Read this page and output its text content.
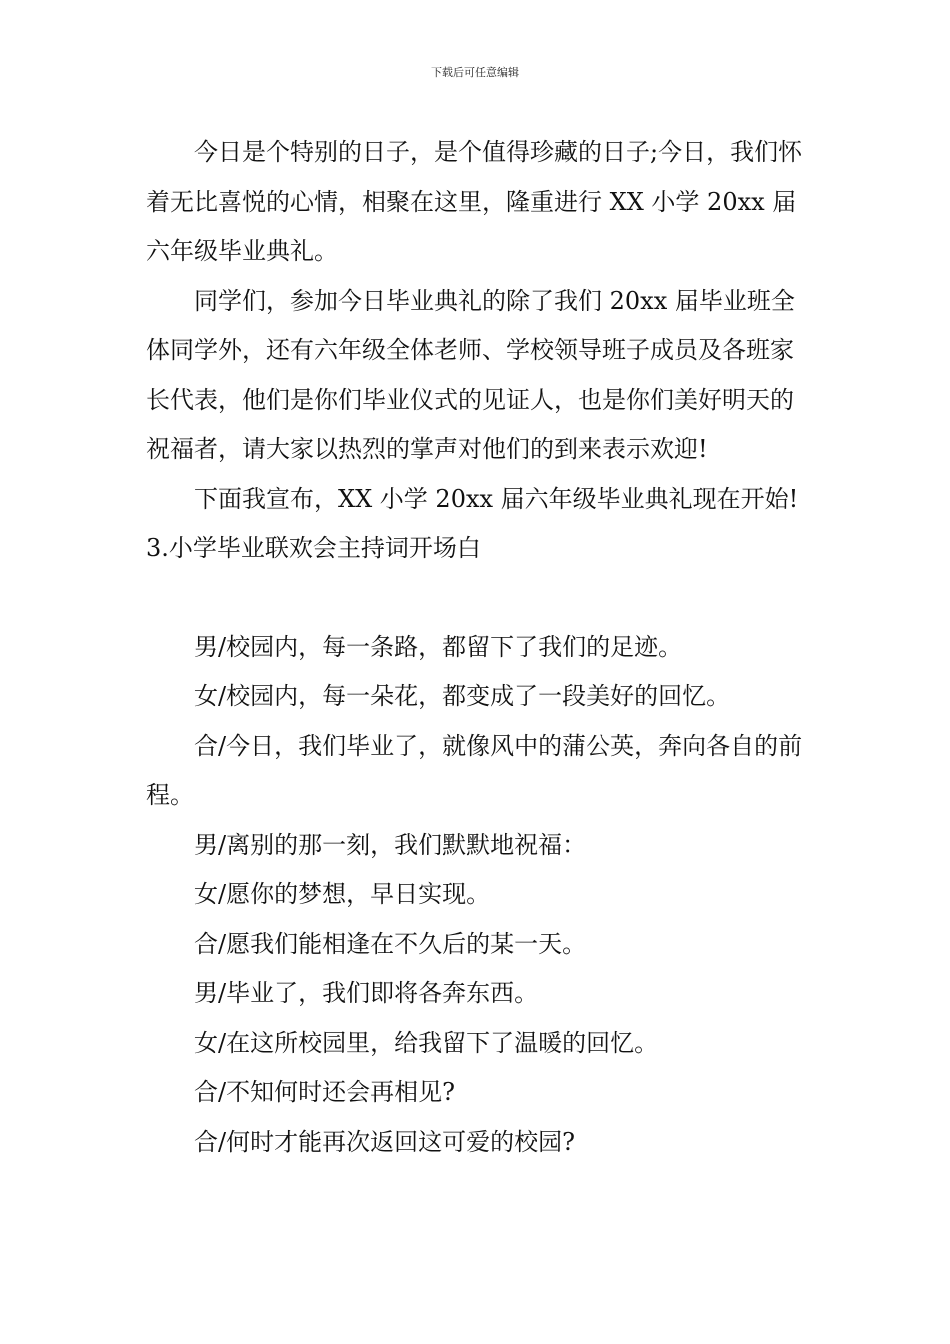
下载后可任意编辑

今日是个特别的日子，是个值得珍藏的日子;今日，我们怀着无比喜悦的心情，相聚在这里，隆重进行 XX 小学 20xx 届六年级毕业典礼。

同学们，参加今日毕业典礼的除了我们 20xx 届毕业班全体同学外，还有六年级全体老师、学校领导班子成员及各班家长代表，他们是你们毕业仪式的见证人，也是你们美好明天的祝福者，请大家以热烈的掌声对他们的到来表示欢迎!

下面我宣布，XX 小学 20xx 届六年级毕业典礼现在开始!

3.小学毕业联欢会主持词开场白

男/校园内，每一条路，都留下了我们的足迹。

女/校园内，每一朵花，都变成了一段美好的回忆。

合/今日，我们毕业了，就像风中的蒲公英，奔向各自的前程。

男/离别的那一刻，我们默默地祝福：

女/愿你的梦想，早日实现。

合/愿我们能相逢在不久后的某一天。

男/毕业了，我们即将各奔东西。

女/在这所校园里，给我留下了温暖的回忆。

合/不知何时还会再相见?

合/何时才能再次返回这可爱的校园?
